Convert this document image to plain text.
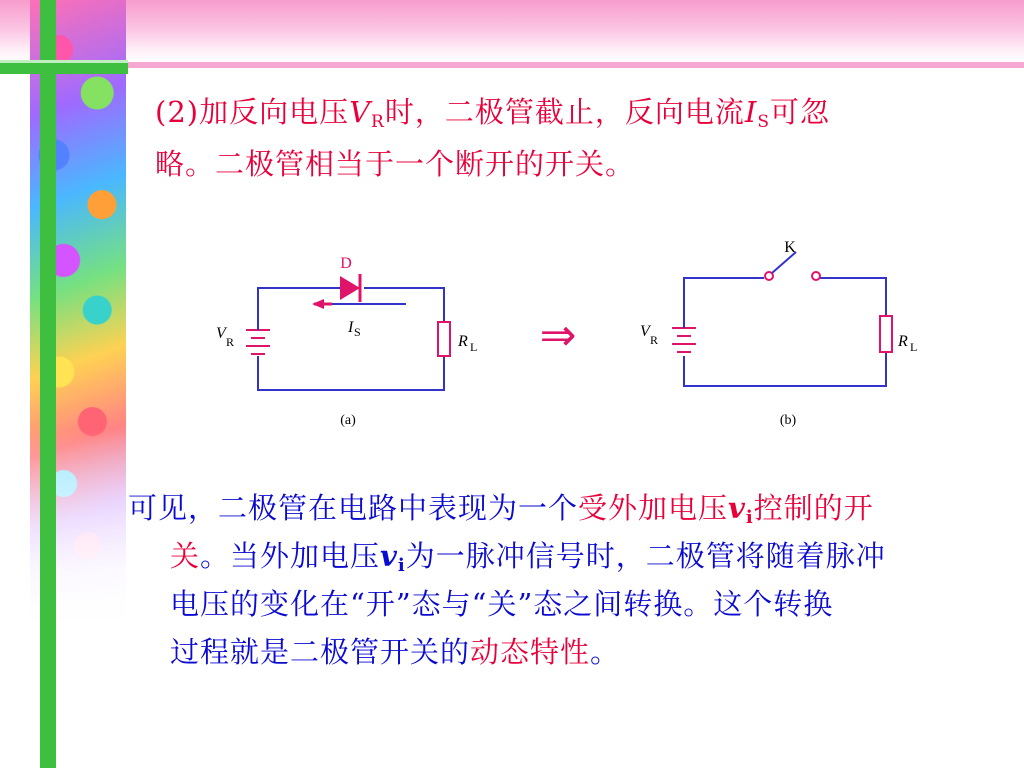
(2)加反向电压$V_R$时，二极管截止，反向电流$I_S$可忽
略。二极管相当于一个断开的开关。
D
I S
V R	R L
(a)
⇒
K
V R	R L
(b)
可见，二极管在电路中表现为一个受外加电压$v_i$控制的开
关。当外加电压$v_i$为一脉冲信号时，二极管将随着脉冲
电压的变化在“开”态与“关”态之间转换。这个转换
过程就是二极管开关的动态特性。
